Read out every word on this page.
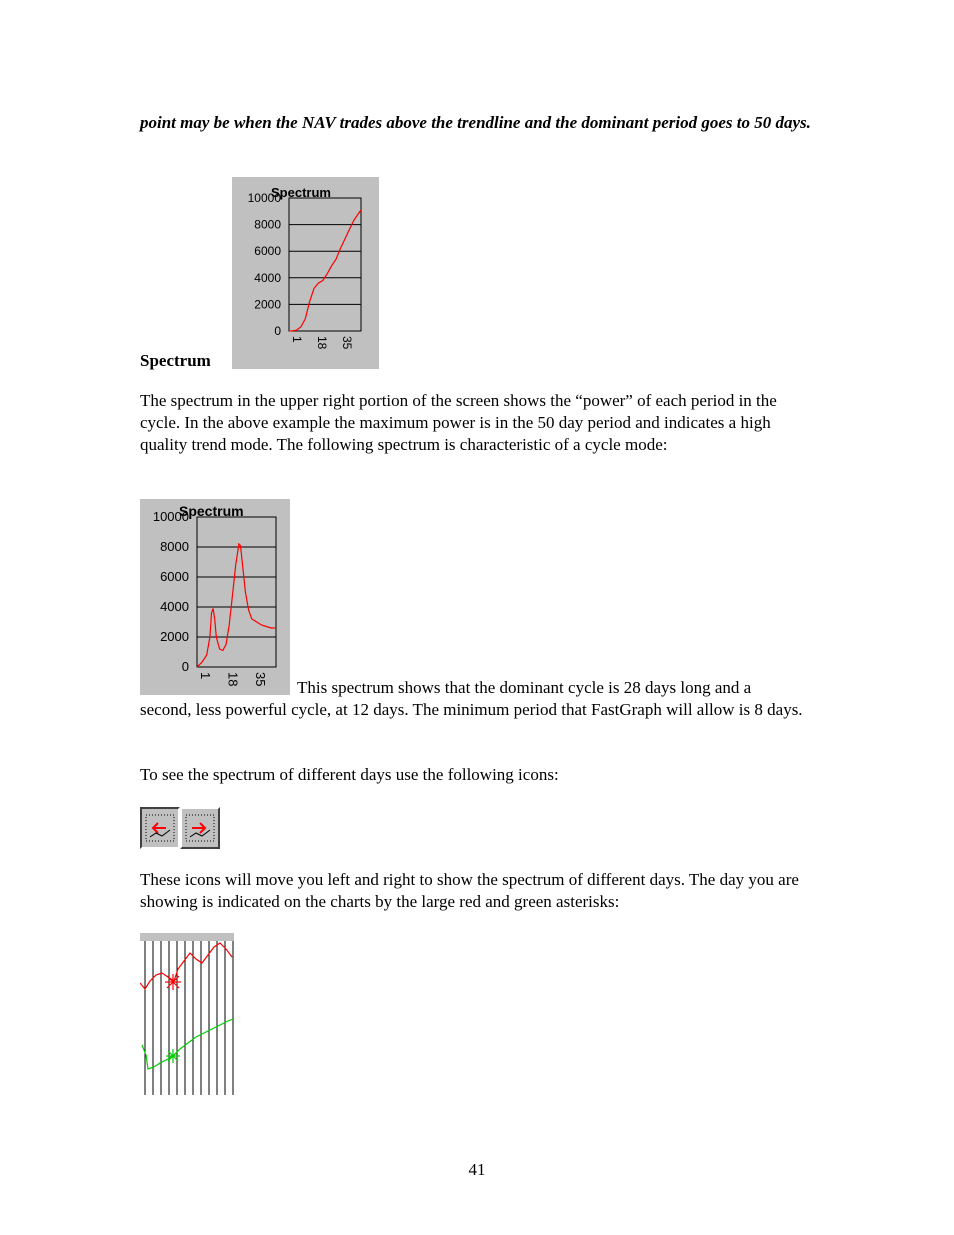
point may be when the NAV trades above the trendline and the dominant period goes to 50 days.

Spectrum
10000
8000
6000
4000
2000
0
Spectrum
1 18 35

The spectrum in the upper right portion of the screen shows the “power” of each period in the cycle. In the above example the maximum power is in the 50 day period and indicates a high quality trend mode. The following spectrum is characteristic of a cycle mode:

10000
8000
6000
4000
2000
0
Spectrum
1 18 35 This spectrum shows that the dominant cycle is 28 days long and a

second, less powerful cycle, at 12 days. The minimum period that FastGraph will allow is 8 days.

To see the spectrum of different days use the following icons:

These icons will move you left and right to show the spectrum of different days. The day you are showing is indicated on the charts by the large red and green asterisks:

41
